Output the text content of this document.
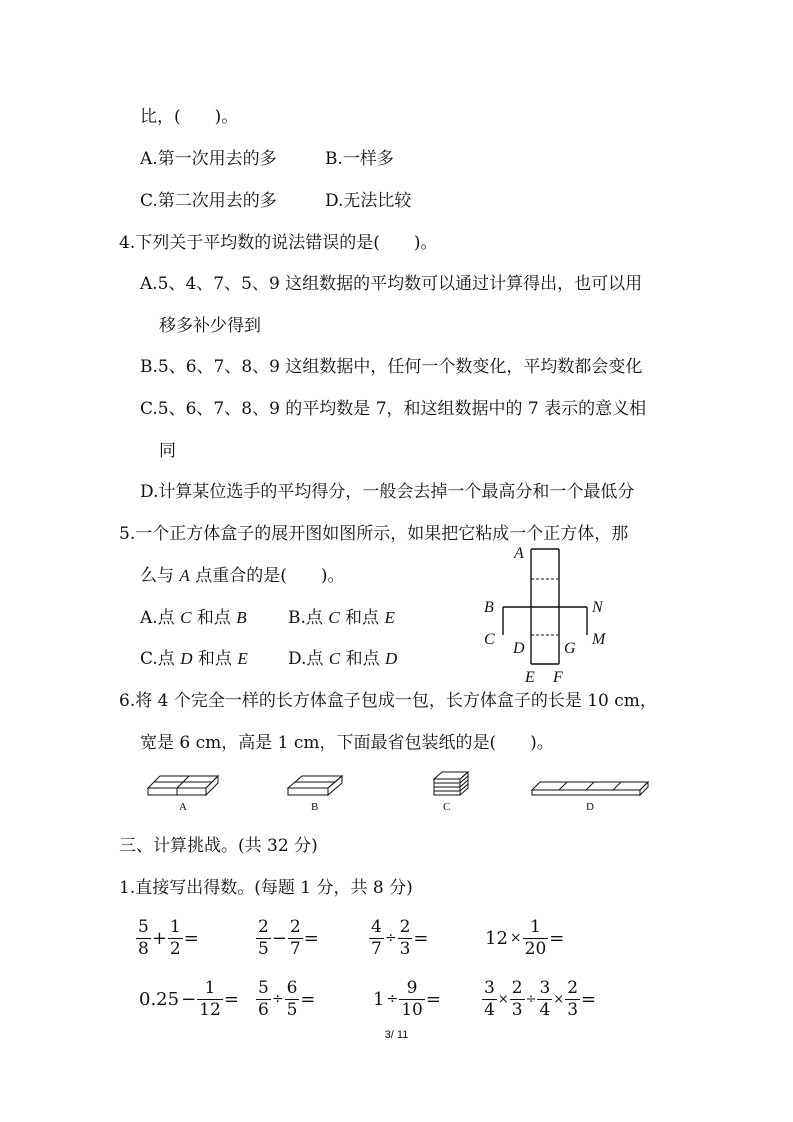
比，(　　)。
A.第一次用去的多	B.一样多
C.第二次用去的多	D.无法比较
4.下列关于平均数的说法错误的是(　　)。
A.5、4、7、5、9 这组数据的平均数可以通过计算得出，也可以用
移多补少得到
B.5、6、7、8、9 这组数据中，任何一个数变化，平均数都会变化
C.5、6、7、8、9 的平均数是 7，和这组数据中的 7 表示的意义相
同
D.计算某位选手的平均得分，一般会去掉一个最高分和一个最低分
5.一个正方体盒子的展开图如图所示，如果把它粘成一个正方体，那
么与 A 点重合的是(　　)。
A.点 C 和点 B B.点 C 和点 E
C.点 D 和点 E D.点 C 和点 D
A
B	N
C	M
D G
E F
6.将 4 个完全一样的长方体盒子包成一包，长方体盒子的长是 10 cm，
宽是 6 cm，高是 1 cm，下面最省包装纸的是(　　)。
A	B	C	D
三、计算挑战。(共 32 分)
1.直接写出得数。(每题 1 分，共 8 分)
$\frac{5}{8} + \frac{1}{2}$ =	$\frac{2}{5} - \frac{2}{7}$ =	$\frac{4}{7} \div \frac{2}{3}$ =	$12 \times \frac{1}{20}$ =
$0.25 - \frac{1}{12} = \frac{5}{6} \div \frac{6}{5}$ =	$1 \div \frac{9}{10} = \frac{3}{4} \times \frac{2}{3} \div \frac{3}{4} \times \frac{2}{3}$ =
3/ 11
